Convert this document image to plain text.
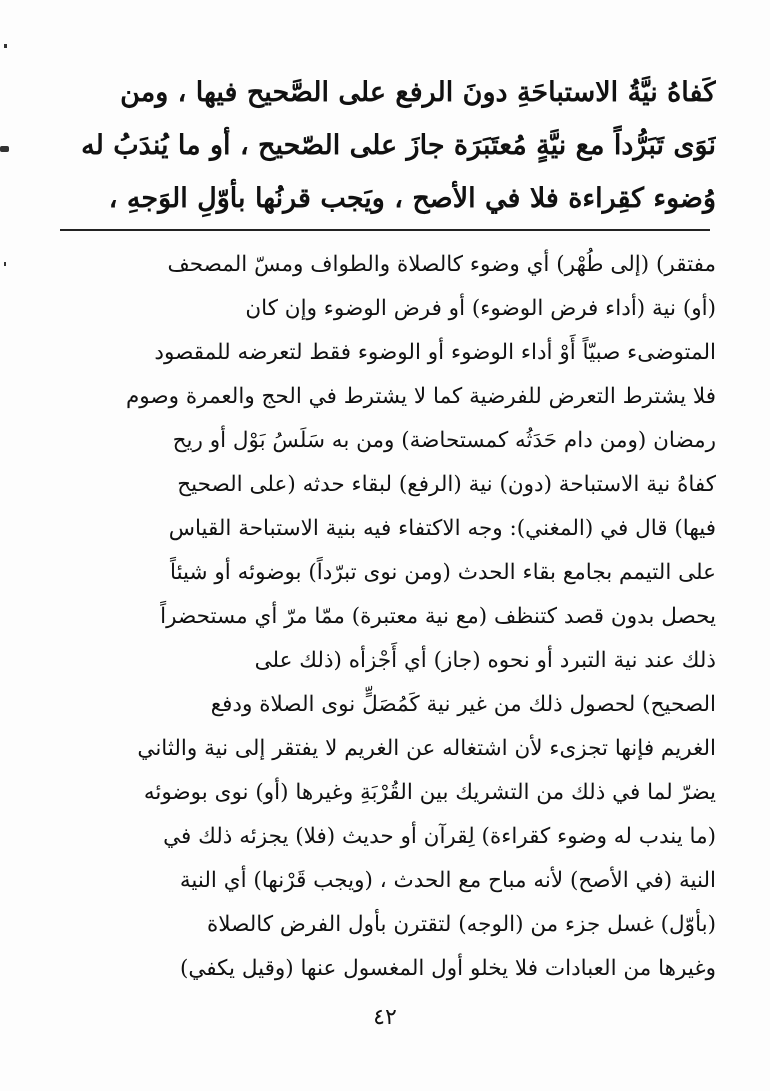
كَفاهُ نيَّةُ الاستباحَةِ دونَ الرفع على الصَّحيح فيها ، ومن
نَوَى تَبَرُّداً مع نيَّةٍ مُعتَبَرَة جازَ على الصّحيح ، أو ما يُندَبُ له
وُضوء كقِراءة فلا في الأصح ، ويَجب قرنُها بأوّلِ الوَجهِ ،
مفتقر) (إلى طُهْر) أي وضوء كالصلاة والطواف ومسّ المصحف
(أو) نية (أداء فرض الوضوء) أو فرض الوضوء وإن كان
المتوضىء صبيّاً أَوْ أداء الوضوء أو الوضوء فقط لتعرضه للمقصود
فلا يشترط التعرض للفرضية كما لا يشترط في الحج والعمرة وصوم
رمضان (ومن دام حَدَثُه كمستحاضة) ومن به سَلَسُ بَوْل أو ريح
كفاهُ نية الاستباحة (دون) نية (الرفع) لبقاء حدثه (على الصحيح
فيها) قال في (المغني): وجه الاكتفاء فيه بنية الاستباحة القياس
على التيمم بجامع بقاء الحدث (ومن نوى تبرّداً) بوضوئه أو شيئاً
يحصل بدون قصد كتنظف (مع نية معتبرة) ممّا مرّ أي مستحضراً
ذلك عند نية التبرد أو نحوه (جاز) أي أَجْزأه (ذلك على
الصحيح) لحصول ذلك من غير نية كَمُصَلٍّ نوى الصلاة ودفع
الغريم فإنها تجزىء لأن اشتغاله عن الغريم لا يفتقر إلى نية والثاني
يضرّ لما في ذلك من التشريك بين القُرْبَةِ وغيرها (أو) نوى بوضوئه
(ما يندب له وضوء كقراءة) لِقرآن أو حديث (فلا) يجزئه ذلك في
النية (في الأصح) لأنه مباح مع الحدث ، (ويجب قَرْنها) أي النية
(بأوّل) غسل جزء من (الوجه) لتقترن بأول الفرض كالصلاة
وغيرها من العبادات فلا يخلو أول المغسول عنها (وقيل يكفي)
٤٢
